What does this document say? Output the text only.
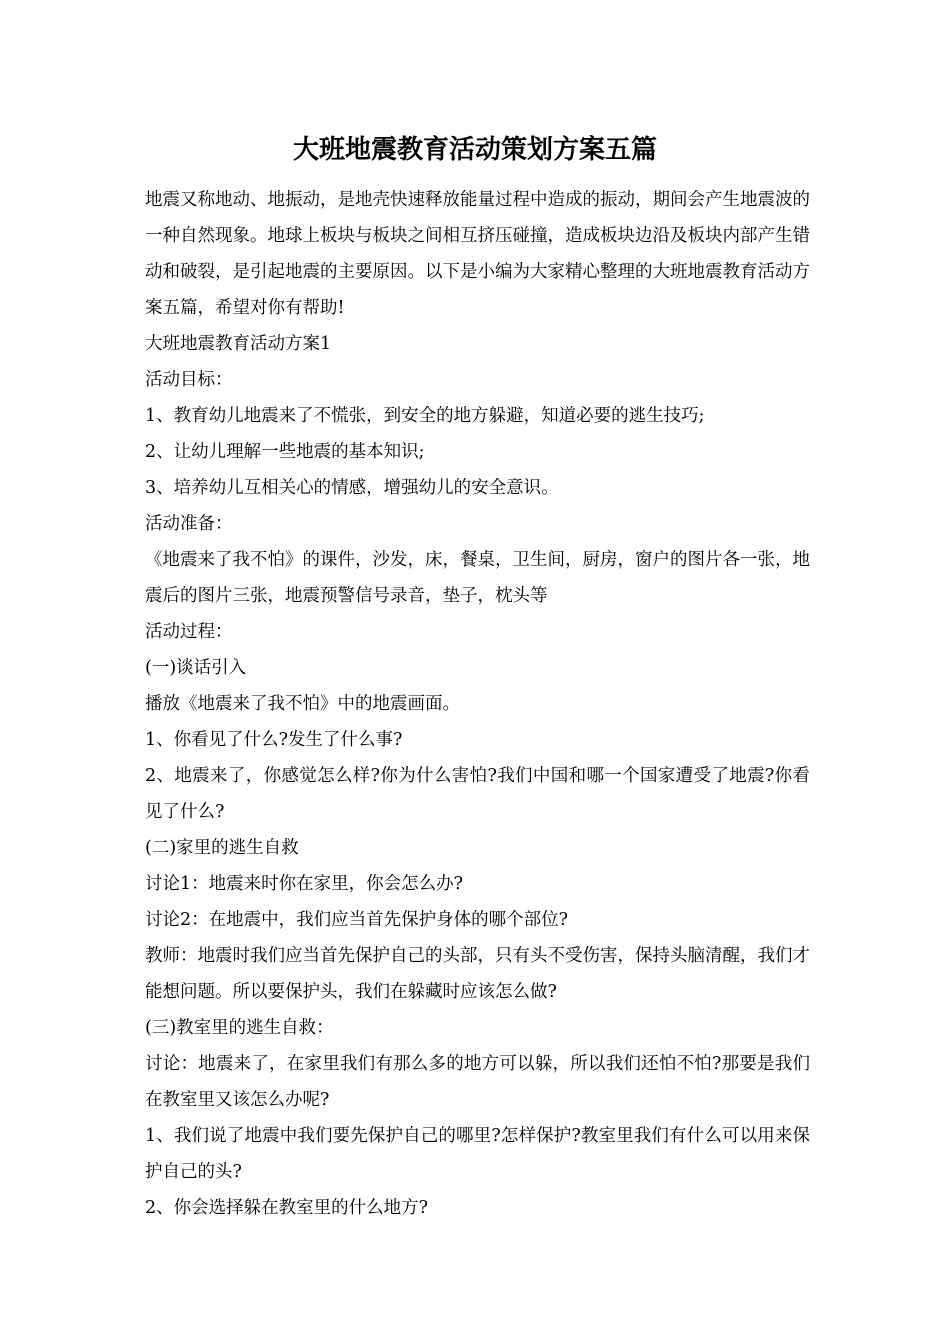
大班地震教育活动策划方案五篇

地震又称地动、地振动，是地壳快速释放能量过程中造成的振动，期间会产生地震波的一种自然现象。地球上板块与板块之间相互挤压碰撞，造成板块边沿及板块内部产生错动和破裂，是引起地震的主要原因。以下是小编为大家精心整理的大班地震教育活动方案五篇，希望对你有帮助!

大班地震教育活动方案1

活动目标：

1、教育幼儿地震来了不慌张，到安全的地方躲避，知道必要的逃生技巧;

2、让幼儿理解一些地震的基本知识;

3、培养幼儿互相关心的情感，增强幼儿的安全意识。

活动准备：

《地震来了我不怕》的课件，沙发，床，餐桌，卫生间，厨房，窗户的图片各一张，地震后的图片三张，地震预警信号录音，垫子，枕头等

活动过程：

(一)谈话引入

播放《地震来了我不怕》中的地震画面。

1、你看见了什么?发生了什么事?

2、地震来了，你感觉怎么样?你为什么害怕?我们中国和哪一个国家遭受了地震?你看见了什么?

(二)家里的逃生自救

讨论1：地震来时你在家里，你会怎么办?

讨论2：在地震中，我们应当首先保护身体的哪个部位?

教师：地震时我们应当首先保护自己的头部，只有头不受伤害，保持头脑清醒，我们才能想问题。所以要保护头，我们在躲藏时应该怎么做?

(三)教室里的逃生自救：

讨论：地震来了，在家里我们有那么多的地方可以躲，所以我们还怕不怕?那要是我们在教室里又该怎么办呢?

1、我们说了地震中我们要先保护自己的哪里?怎样保护?教室里我们有什么可以用来保护自己的头?

2、你会选择躲在教室里的什么地方?
